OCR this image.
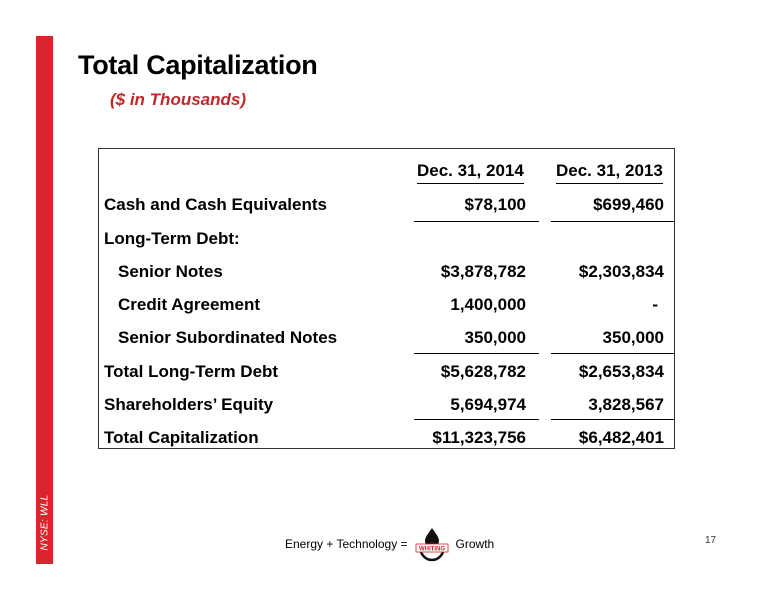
NYSE: WLL
Total Capitalization
($ in Thousands)
Dec. 31, 2014 Dec. 31, 2013
Cash and Cash Equivalents	$78,100	$699,460
Long-Term Debt:
Senior Notes	$3,878,782	$2,303,834
Credit Agreement	1,400,000	-
Senior Subordinated Notes	350,000	350,000
Total Long-Term Debt	$5,628,782	$2,653,834
Shareholders’ Equity	5,694,974	3,828,567
Total Capitalization	$11,323,756	$6,482,401
Energy + Technology = WHITING Growth	17
